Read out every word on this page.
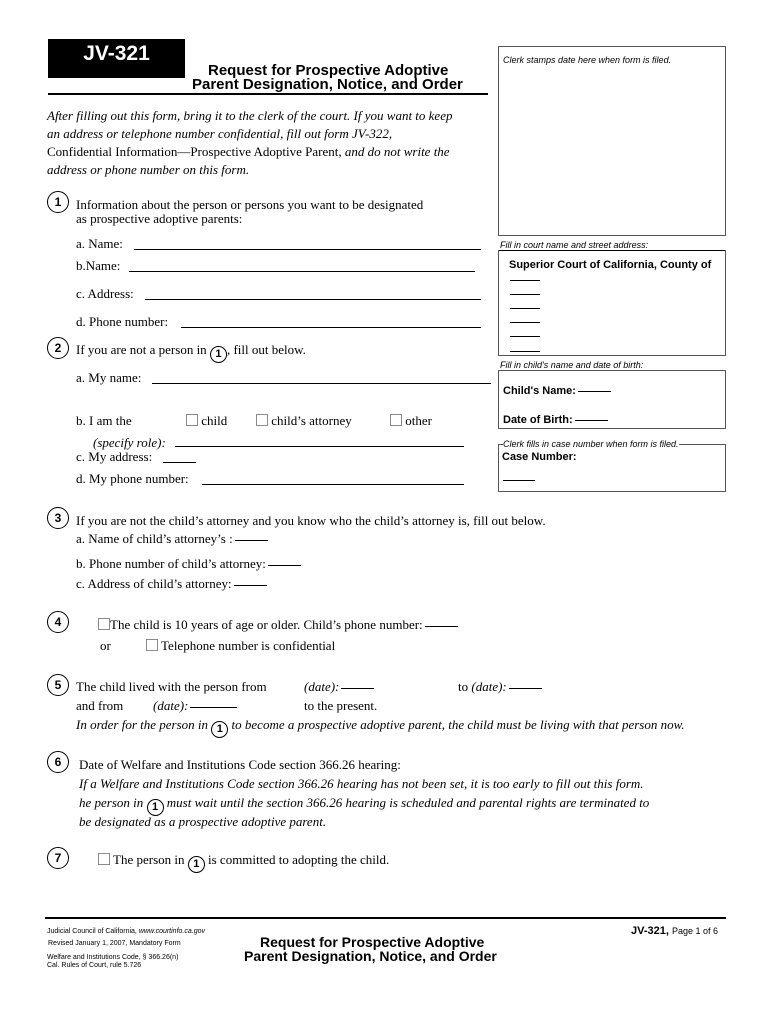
JV-321
Request for Prospective Adoptive
Parent Designation, Notice, and Order
Clerk stamps date here when form is filed.
After filling out this form, bring it to the clerk of the court. If you want to keep
an address or telephone number confidential, fill out form JV-322,
Confidential Information—Prospective Adoptive Parent, and do not write the
address or phone number on this form.
1	Information about the person or persons you want to be designated
as prospective adoptive parents:
a. Name:
b.Name:
c. Address:
d. Phone number:
Fill in court name and street address:
Superior Court of California, County of
Fill in child's name and date of birth:
Child's Name:
Date of Birth:
Clerk fills in case number when form is filed.
Case Number:
2	If you are not a person in 1 , fill out below.
a. My name:
b. I am the	child	child’s attorney	other
(specify role):
c. My address:
d. My phone number:
3	If you are not the child’s attorney and you know who the child’s attorney is, fill out below.
a. Name of child’s attorney’s :
b. Phone number of child’s attorney:
c. Address of child’s attorney:
4	The child is 10 years of age or older. Child’s phone number:
or	Telephone number is confidential
5	The child lived with the person from	(date):	to (date):
and from (date):	to the present.
In order for the person in 1 to become a prospective adoptive parent, the child must be living with that person now.
6	Date of Welfare and Institutions Code section 366.26 hearing:
If a Welfare and Institutions Code section 366.26 hearing has not been set, it is too early to fill out this form.
he person in 1 must wait until the section 366.26 hearing is scheduled and parental rights are terminated to
be designated as a prospective adoptive parent.
7	The person in 1 is committed to adopting the child.
Judicial Council of California, www.courtinfo.ca.gov
Revised January 1, 2007, Mandatory Form
Welfare and Institutions Code, § 366.26(n)
Cal. Rules of Court, rule 5.726
Request for Prospective Adoptive
Parent Designation, Notice, and Order
JV-321, Page 1 of 6
